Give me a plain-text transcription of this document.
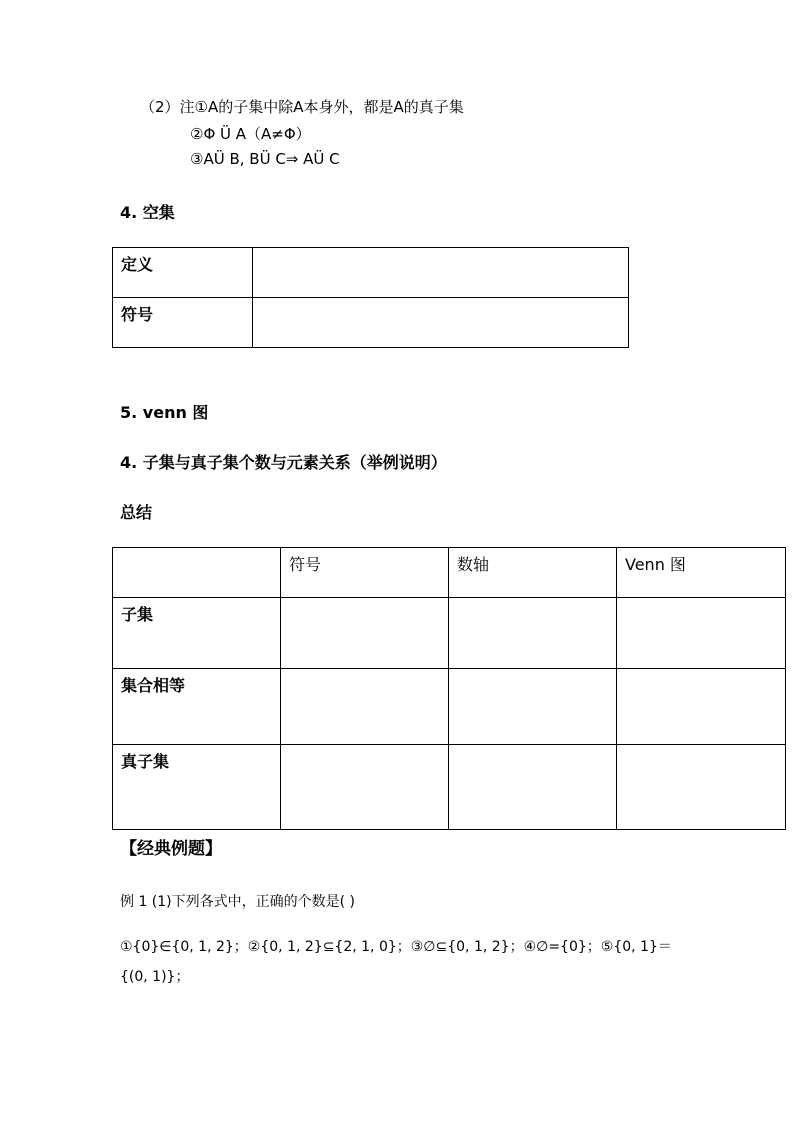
（2）注①A的子集中除A本身外，都是A的真子集
②Φ Ü A（A≠Φ）
③AÜ B, BÜ C⇒ AÜ C
4. 空集
定义	
符号	
5. venn 图
4. 子集与真子集个数与元素关系（举例说明）
总结
	符号	数轴	Venn 图
子集			
集合相等			
真子集			
【经典例题】
例 1 (1)下列各式中，正确的个数是( )
①{0}∈{0, 1, 2}；②{0, 1, 2}⊆{2, 1, 0}；③∅⊆{0, 1, 2}；④∅={0}；⑤{0, 1}＝
{(0, 1)}；
